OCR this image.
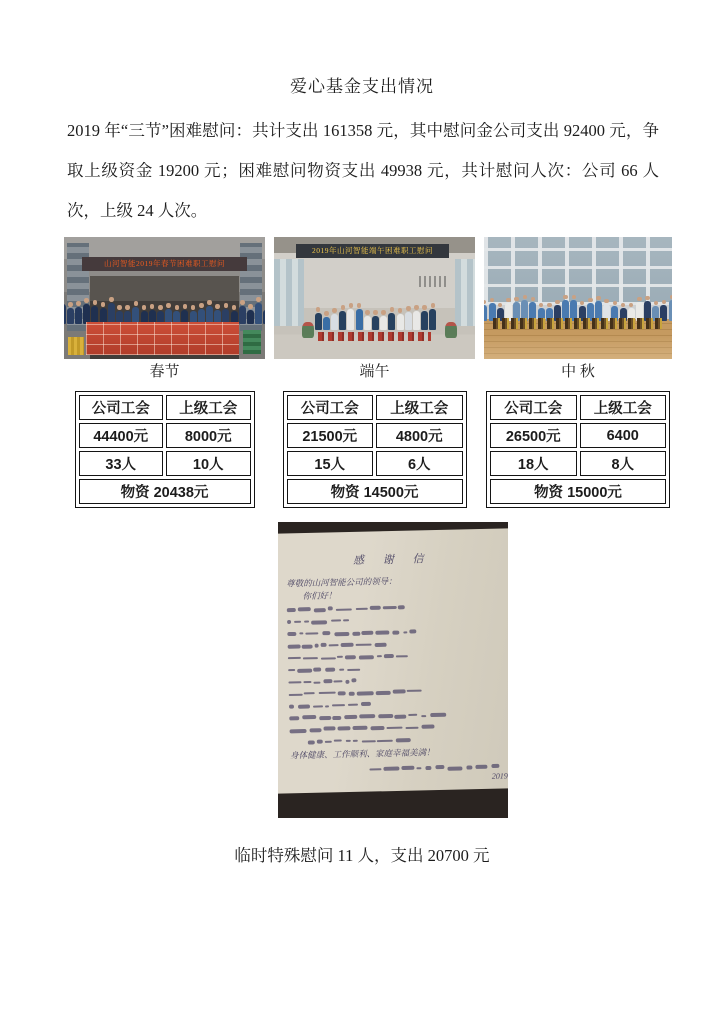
爱心基金支出情况
2019 年“三节”困难慰问：共计支出 161358 元，其中慰问金公司支出 92400 元，争取上级资金 19200 元；困难慰问物资支出 49938 元，共计慰问人次：公司 66 人次，上级 24 人次。
山河智能2019年春节困难职工慰问
春节
公司工会	上级工会
44400元	8000元
33人	10人
物资 20438元	
2019年山河智能端午困难职工慰问
端午
公司工会	上级工会
21500元	4800元
15人	6人
物资 14500元	
中 秋
公司工会	上级工会
26500元	6400
18人	8人
物资 15000元	
感 谢 信
尊敬的山河智能公司的领导：
你们好！
身体健康、工作顺利、家庭幸福美满！
2019
临时特殊慰问 11 人，支出 20700 元
